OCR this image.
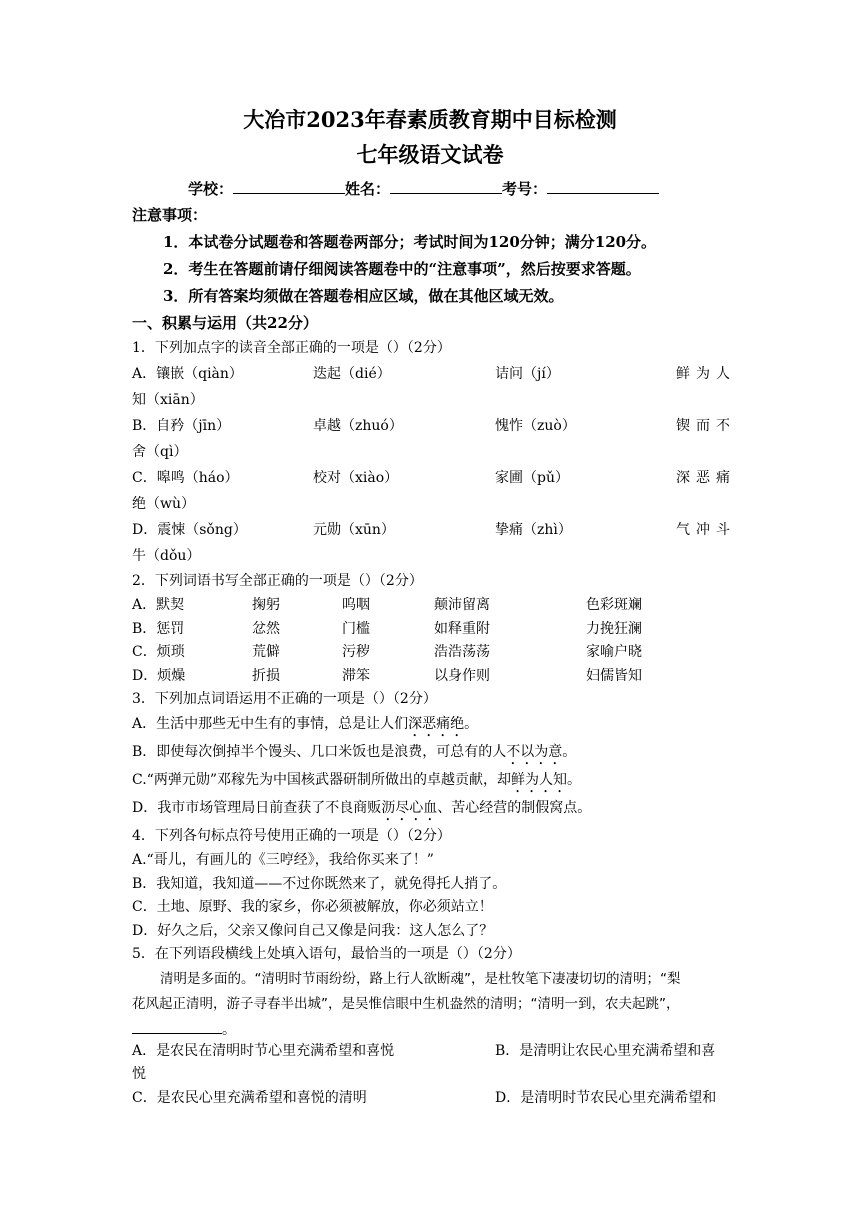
大冶市2023年春素质教育期中目标检测
七年级语文试卷
学校：	姓名：	考号：
注意事项：
1．本试卷分试题卷和答题卷两部分；考试时间为120分钟；满分120分。
2．考生在答题前请仔细阅读答题卷中的“注意事项”，然后按要求答题。
3．所有答案均须做在答题卷相应区域，做在其他区域无效。
一、积累与运用（共22分）
1．下列加点字的读音全部正确的一项是（）（2分）
A．镶嵌（qiàn）	迭起（dié）	诘问（jí）	鲜 为 人
知（xiān）
B．自矜（jīn）	卓越（zhuó）	愧怍（zuò）	锲 而 不
舍（qì）
C．嗥鸣（háo）	校对（xiào）	家圃（pǔ）	深 恶 痛
绝（wù）
D．震悚（sǒng）	元勋（xūn）	挚痛（zhì）	气 冲 斗
牛（dǒu）
2．下列词语书写全部正确的一项是（）（2分）
A．默契	掬躬	呜咽	颠沛留离	色彩斑斓
B．惩罚	忿然	门槛	如释重附	力挽狂澜
C．烦琐	荒僻	污秽	浩浩荡荡	家喻户晓
D．烦燥	折损	滞笨	以身作则	妇儒皆知
3．下列加点词语运用不正确的一项是（）（2分）
A．生活中那些无中生有的事情，总是让人们深恶痛绝。
B．即使每次倒掉半个馒头、几口米饭也是浪费，可总有的人不以为意。
C.“两弹元勋”邓稼先为中国核武器研制所做出的卓越贡献，却鲜为人知。
D．我市市场管理局日前查获了不良商贩沥尽心血、苦心经营的制假窝点。
4．下列各句标点符号使用正确的一项是（）（2分）
A.“哥儿，有画儿的《三哼经》，我给你买来了！”
B．我知道，我知道——不过你既然来了，就免得托人捎了。
C．土地、原野、我的家乡，你必须被解放，你必须站立！
D．好久之后，父亲又像问自己又像是问我：这人怎么了？
5．在下列语段横线上处填入语句，最恰当的一项是（）（2分）
清明是多面的。“清明时节雨纷纷，路上行人欲断魂”，是杜牧笔下凄凄切切的清明；“梨
花风起正清明，游子寻春半出城”，是吴惟信眼中生机盎然的清明；“清明一到，农夫起跳”，
。
A．是农民在清明时节心里充满希望和喜悦	B．是清明让农民心里充满希望和喜
悦
C．是农民心里充满希望和喜悦的清明	D．是清明时节农民心里充满希望和
